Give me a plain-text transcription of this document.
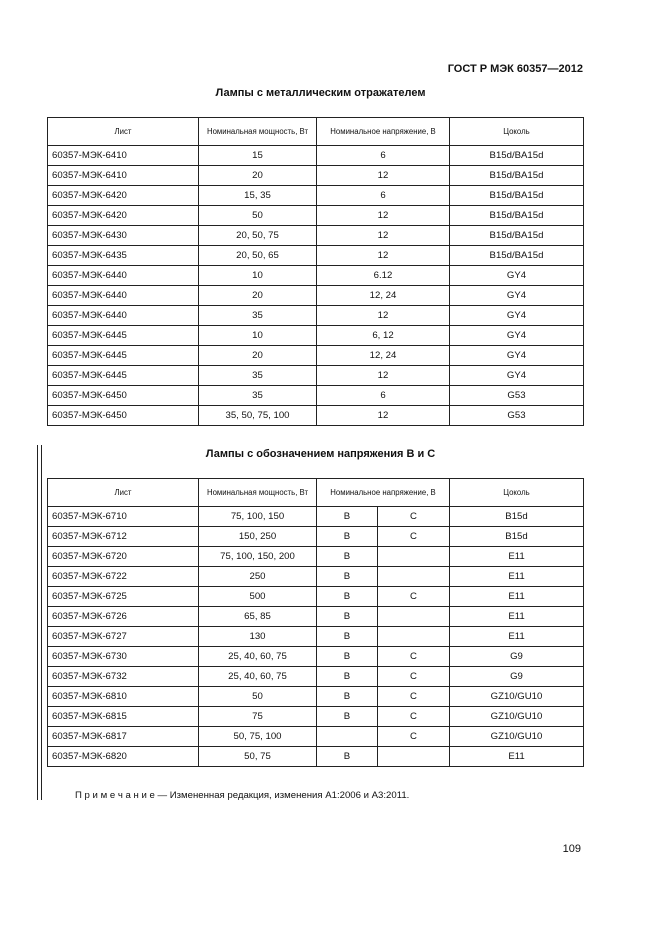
ГОСТ Р МЭК 60357—2012
Лампы с металлическим отражателем
Лист	Номинальная мощность, Вт	Номинальное напряжение, В	Цоколь
60357-МЭК-6410	15	6	B15d/BA15d
60357-МЭК-6410	20	12	B15d/BA15d
60357-МЭК-6420	15, 35	6	B15d/BA15d
60357-МЭК-6420	50	12	B15d/BA15d
60357-МЭК-6430	20, 50, 75	12	B15d/BA15d
60357-МЭК-6435	20, 50, 65	12	B15d/BA15d
60357-МЭК-6440	10	6.12	GY4
60357-МЭК-6440	20	12, 24	GY4
60357-МЭК-6440	35	12	GY4
60357-МЭК-6445	10	6, 12	GY4
60357-МЭК-6445	20	12, 24	GY4
60357-МЭК-6445	35	12	GY4
60357-МЭК-6450	35	6	G53
60357-МЭК-6450	35, 50, 75, 100	12	G53
Лампы с обозначением напряжения В и С
Лист	Номинальная мощность, Вт	Номинальное напряжение, В		Цоколь
60357-МЭК-6710	75, 100, 150	В	С	B15d
60357-МЭК-6712	150, 250	В	С	B15d
60357-МЭК-6720	75, 100, 150, 200	В		E11
60357-МЭК-6722	250	В		E11
60357-МЭК-6725	500	В	С	E11
60357-МЭК-6726	65, 85	В		E11
60357-МЭК-6727	130	В		E11
60357-МЭК-6730	25, 40, 60, 75	В	С	G9
60357-МЭК-6732	25, 40, 60, 75	В	С	G9
60357-МЭК-6810	50	В	С	GZ10/GU10
60357-МЭК-6815	75	В	С	GZ10/GU10
60357-МЭК-6817	50, 75, 100		С	GZ10/GU10
60357-МЭК-6820	50, 75	В		E11
П р и м е ч а н и е — Измененная редакция, изменения А1:2006 и А3:2011.
109
